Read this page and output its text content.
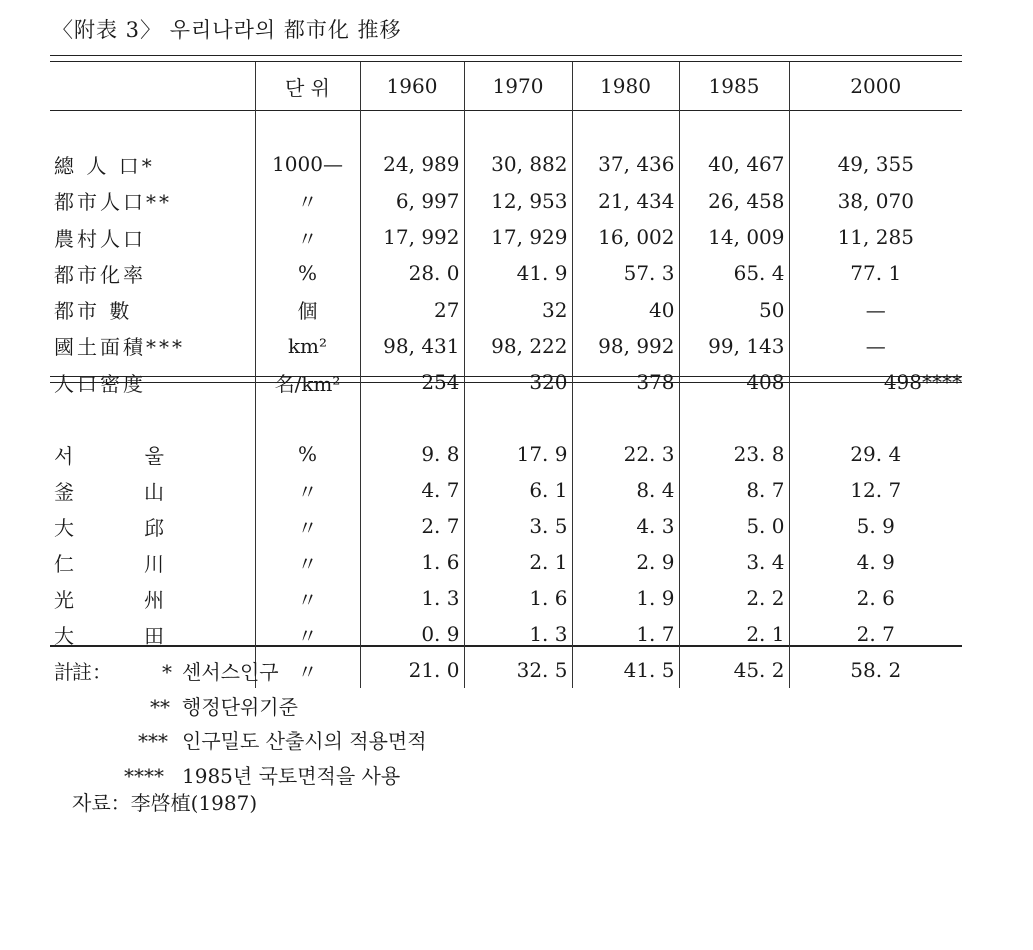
〈附表 3〉 우리나라의 都市化 推移
	단 위	1960	1970	1980	1985	2000

總 人 口*	1000—	24, 989	30, 882	37, 436	40, 467	49, 355
都市人口**	〃	6, 997	12, 953	21, 434	26, 458	38, 070
農村人口	〃	17, 992	17, 929	16, 002	14, 009	11, 285
都市化率	%	28. 0	41. 9	57. 3	65. 4	77. 1
都市 數	個	27	32	40	50	—
國土面積***	km²	98, 431	98, 222	98, 992	99, 143	—
人口密度	名/km²	254	320	378	408	498****

서 울	%	9. 8	17. 9	22. 3	23. 8	29. 4

釜 山	〃	4. 7	6. 1	8. 4	8. 7	12. 7

大 邱	〃	2. 7	3. 5	4. 3	5. 0	5. 9

仁 川	〃	1. 6	2. 1	2. 9	3. 4	4. 9

光 州	〃	1. 3	1. 6	1. 9	2. 2	2. 6

大 田	〃	0. 9	1. 3	1. 7	2. 1	2. 7
計	〃	21. 0	32. 5	41. 5	45. 2	58. 2
註：	* 센서스인구
** 행정단위기준
*** 인구밀도 산출시의 적용면적
**** 1985년 국토면적을 사용
자료：李啓植(1987)
